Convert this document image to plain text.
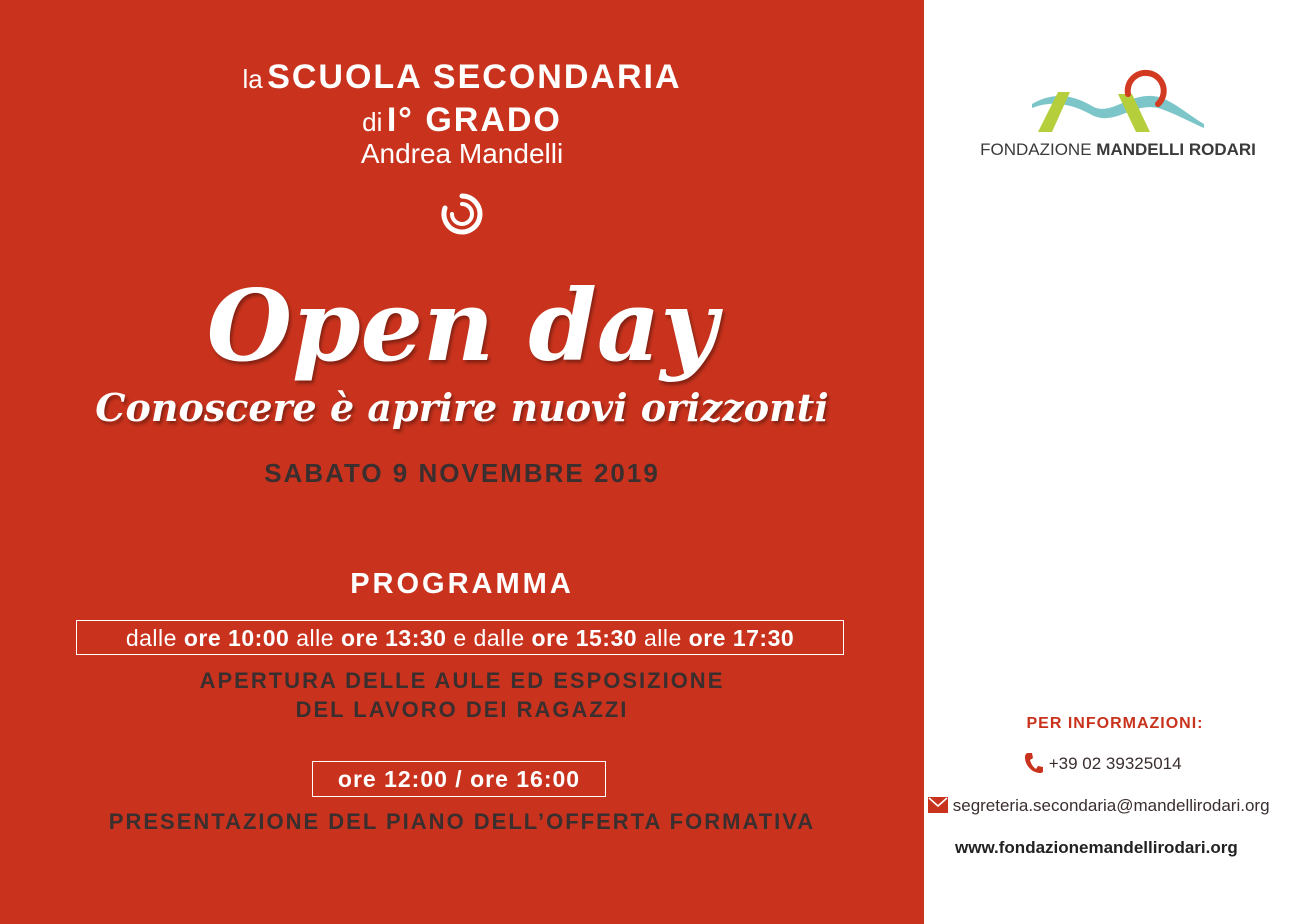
la SCUOLA SECONDARIA
di I° GRADO
Andrea Mandelli
Open day
Conoscere è aprire nuovi orizzonti
SABATO 9 NOVEMBRE 2019
PROGRAMMA
dalle ore 10:00 alle ore 13:30 e dalle ore 15:30 alle ore 17:30
APERTURA DELLE AULE ED ESPOSIZIONE
DEL LAVORO DEI RAGAZZI
ore 12:00 / ore 16:00
PRESENTAZIONE DEL PIANO DELL’OFFERTA FORMATIVA
FONDAZIONE MANDELLI RODARI
PER INFORMAZIONI:
+39 02 39325014
segreteria.secondaria@mandellirodari.org
www.fondazionemandellirodari.org
